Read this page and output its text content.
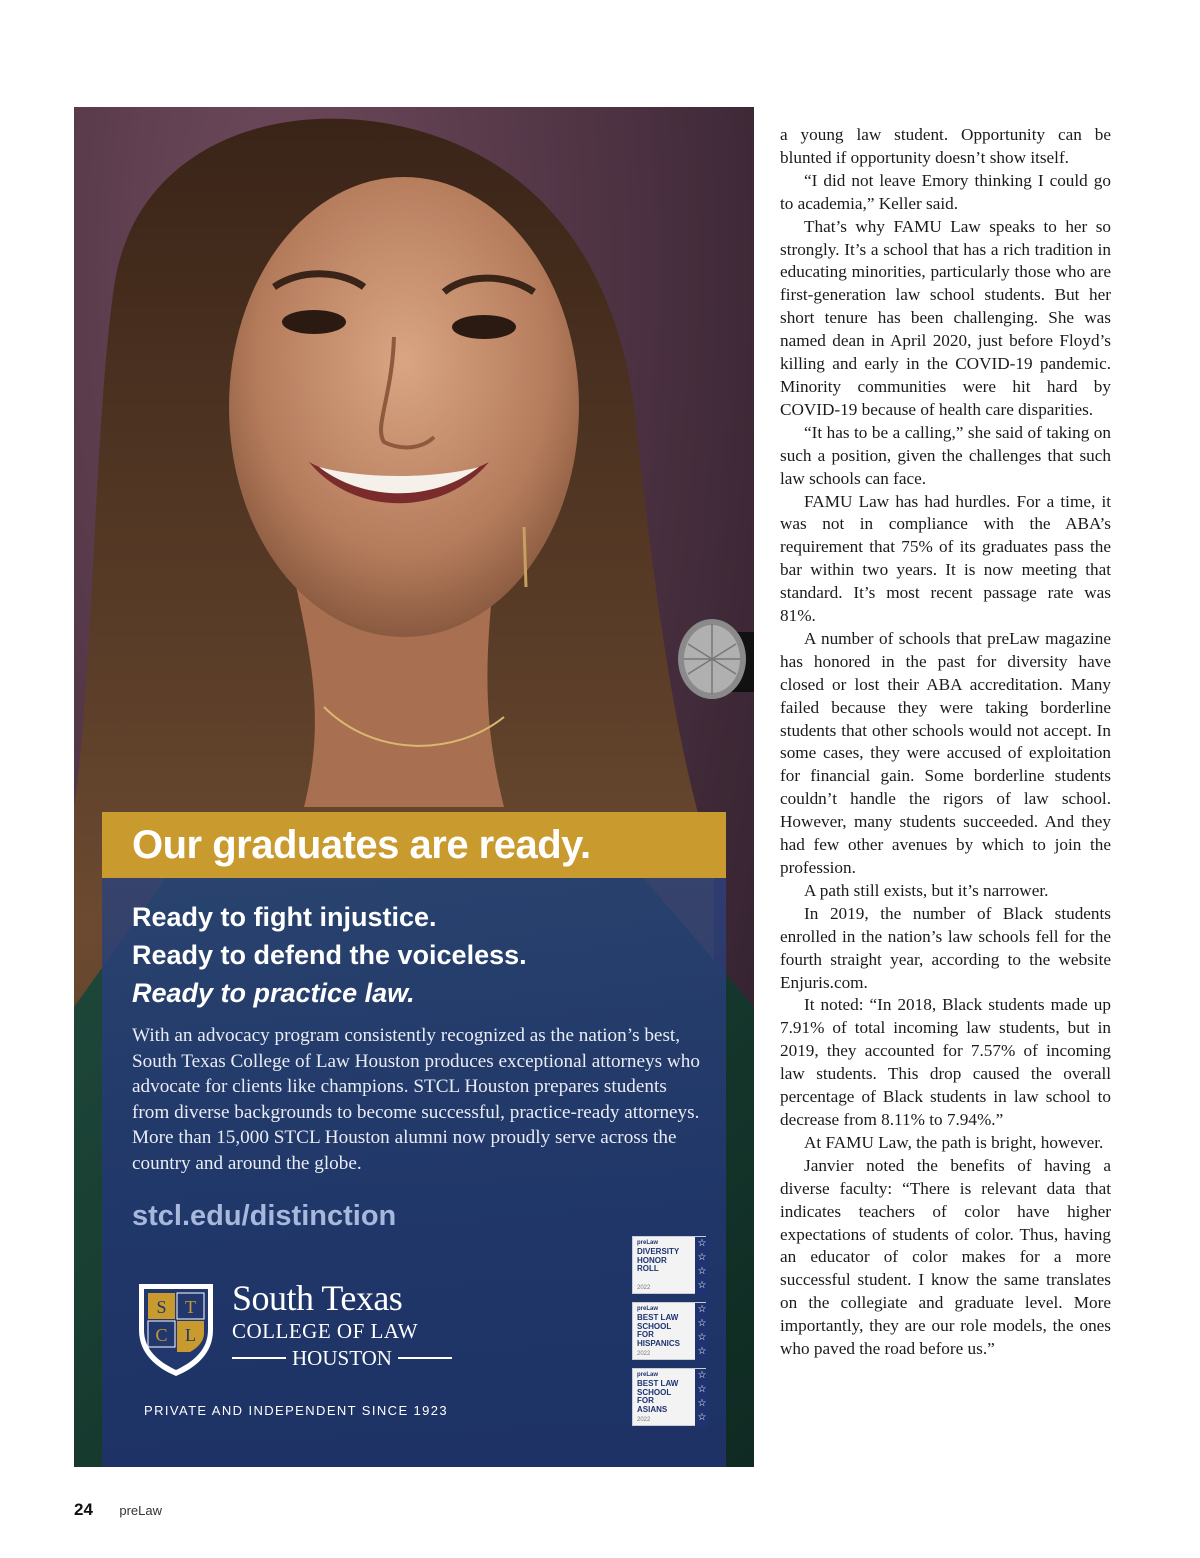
Our graduates are ready.
Ready to fight injustice.
Ready to defend the voiceless.
Ready to practice law.
With an advocacy program consistently recognized as the nation’s best, South Texas College of Law Houston produces exceptional attorneys who advocate for clients like champions. STCL Houston prepares students from diverse backgrounds to become successful, practice-ready attorneys. More than 15,000 STCL Houston alumni now proudly serve across the country and around the globe.
stcl.edu/distinction
S T
C L
South Texas
COLLEGE OF LAW
HOUSTON
PRIVATE AND INDEPENDENT SINCE 1923
preLaw
DIVERSITY HONOR ROLL
2022
☆
☆
☆
☆
preLaw
BEST LAW SCHOOL FOR HISPANICS
2022
☆
☆
☆
☆
preLaw
BEST LAW SCHOOL FOR ASIANS
2022
☆
☆
☆
☆

a young law student. Opportunity can be blunted if opportunity doesn’t show itself.

“I did not leave Emory thinking I could go to academia,” Keller said.

That’s why FAMU Law speaks to her so strongly. It’s a school that has a rich tradition in educating minorities, particularly those who are first-generation law school students. But her short tenure has been challenging. She was named dean in April 2020, just before Floyd’s killing and early in the COVID-19 pandemic. Minority communities were hit hard by COVID-19 because of health care disparities.

“It has to be a calling,” she said of taking on such a position, given the challenges that such law schools can face.

FAMU Law has had hurdles. For a time, it was not in compliance with the ABA’s requirement that 75% of its graduates pass the bar within two years. It is now meeting that standard. It’s most recent passage rate was 81%.

A number of schools that preLaw magazine has honored in the past for diversity have closed or lost their ABA accreditation. Many failed because they were taking borderline students that other schools would not accept. In some cases, they were accused of exploitation for financial gain. Some borderline students couldn’t handle the rigors of law school. However, many students succeeded. And they had few other avenues by which to join the profession.

A path still exists, but it’s narrower.

In 2019, the number of Black students enrolled in the nation’s law schools fell for the fourth straight year, according to the website Enjuris.com.

It noted: “In 2018, Black students made up 7.91% of total incoming law students, but in 2019, they accounted for 7.57% of incoming law students. This drop caused the overall percentage of Black students in law school to decrease from 8.11% to 7.94%.”

At FAMU Law, the path is bright, however.

Janvier noted the benefits of having a diverse faculty: “There is relevant data that indicates teachers of color have higher expectations of students of color. Thus, having an educator of color makes for a more successful student. I know the same translates on the collegiate and graduate level. More importantly, they are our role models, the ones who paved the road before us.”

24 preLaw
